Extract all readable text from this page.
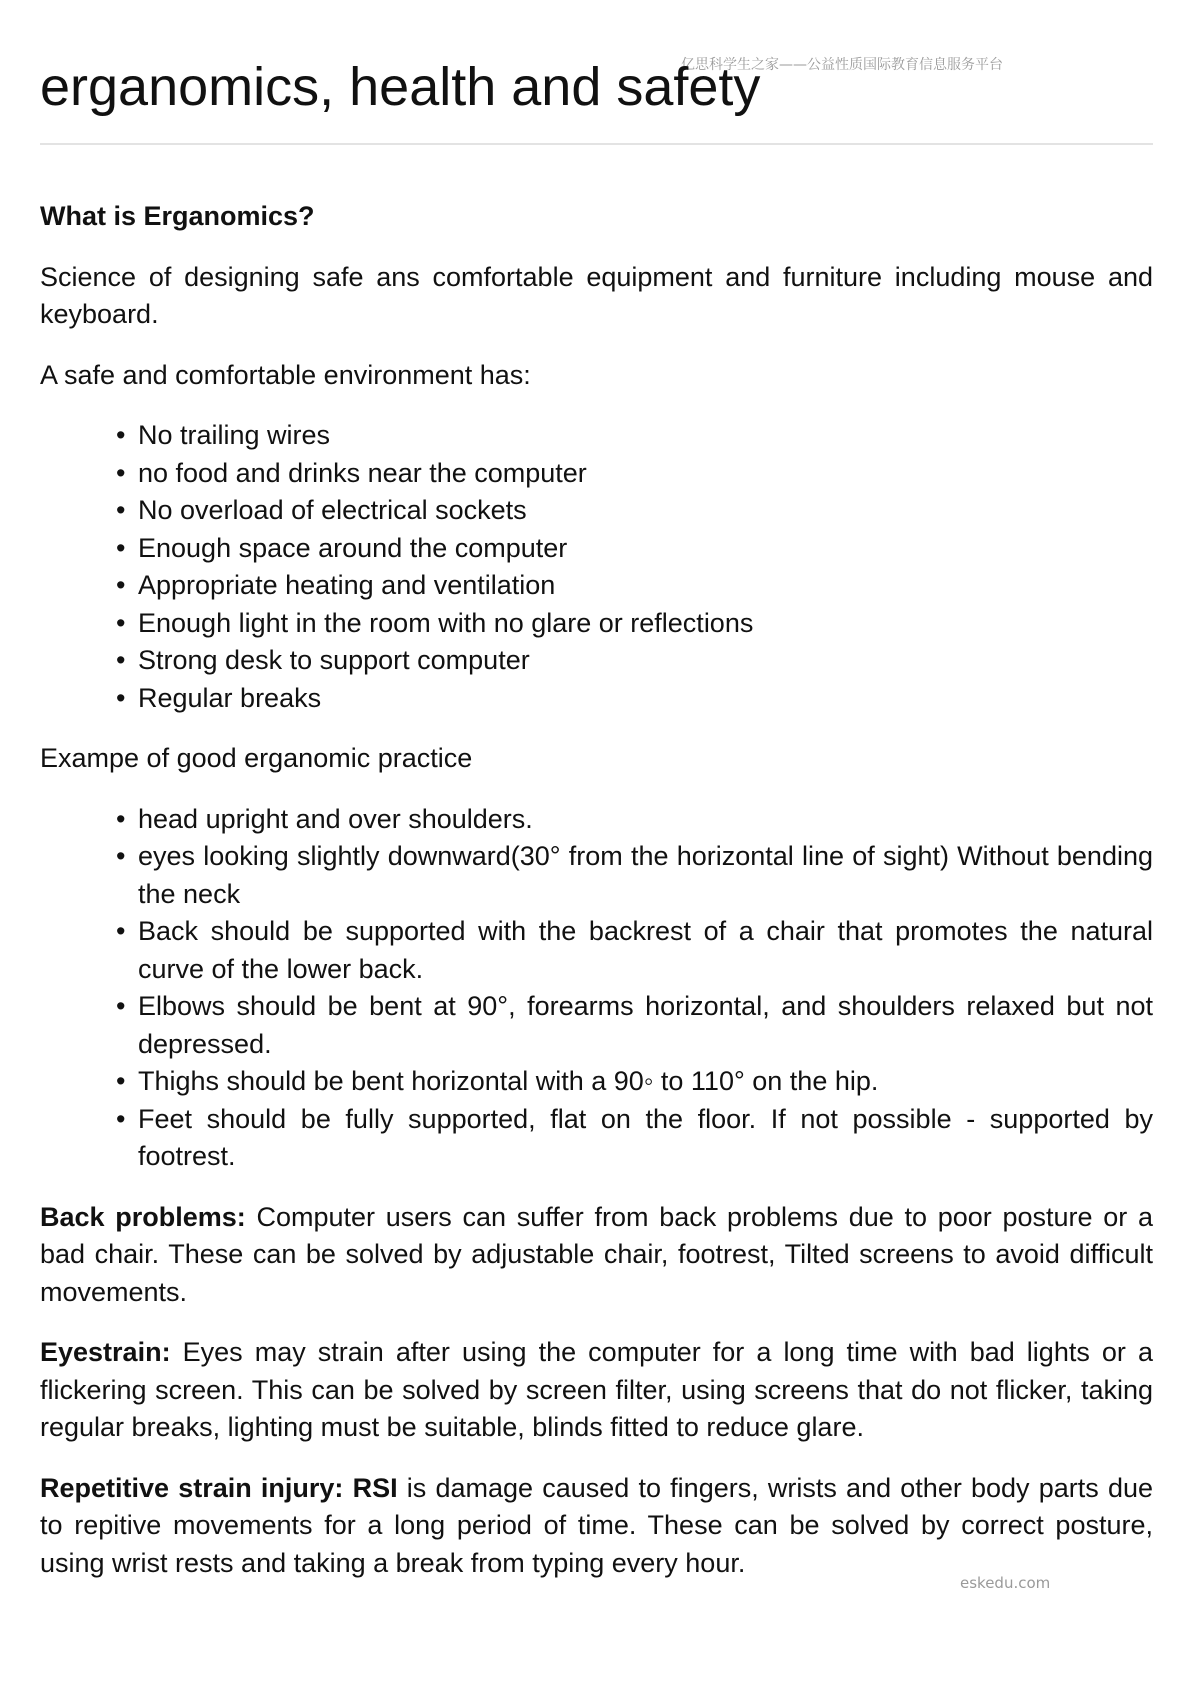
亿思科学生之家——公益性质国际教育信息服务平台
erganomics, health and safety

What is Erganomics?

Science of designing safe ans comfortable equipment and furniture including mouse and keyboard.

A safe and comfortable environment has:

• No trailing wires
• no food and drinks near the computer
• No overload of electrical sockets
• Enough space around the computer
• Appropriate heating and ventilation
• Enough light in the room with no glare or reflections
• Strong desk to support computer
• Regular breaks

Exampe of good erganomic practice

• head upright and over shoulders.
• eyes looking slightly downward(30° from the horizontal line of sight) Without bending the neck
• Back should be supported with the backrest of a chair that promotes the natural curve of the lower back.
• Elbows should be bent at 90°, forearms horizontal, and shoulders relaxed but not depressed.
• Thighs should be bent horizontal with a 90◦ to 110° on the hip.
• Feet should be fully supported, flat on the floor. If not possible - supported by footrest.

Back problems: Computer users can suffer from back problems due to poor posture or a bad chair. These can be solved by adjustable chair, footrest, Tilted screens to avoid difficult movements.

Eyestrain: Eyes may strain after using the computer for a long time with bad lights or a flickering screen. This can be solved by screen filter, using screens that do not flicker, taking regular breaks, lighting must be suitable, blinds fitted to reduce glare.

Repetitive strain injury: RSI is damage caused to fingers, wrists and other body parts due to repitive movements for a long period of time. These can be solved by correct posture, using wrist rests and taking a break from typing every hour.

eskedu.com
